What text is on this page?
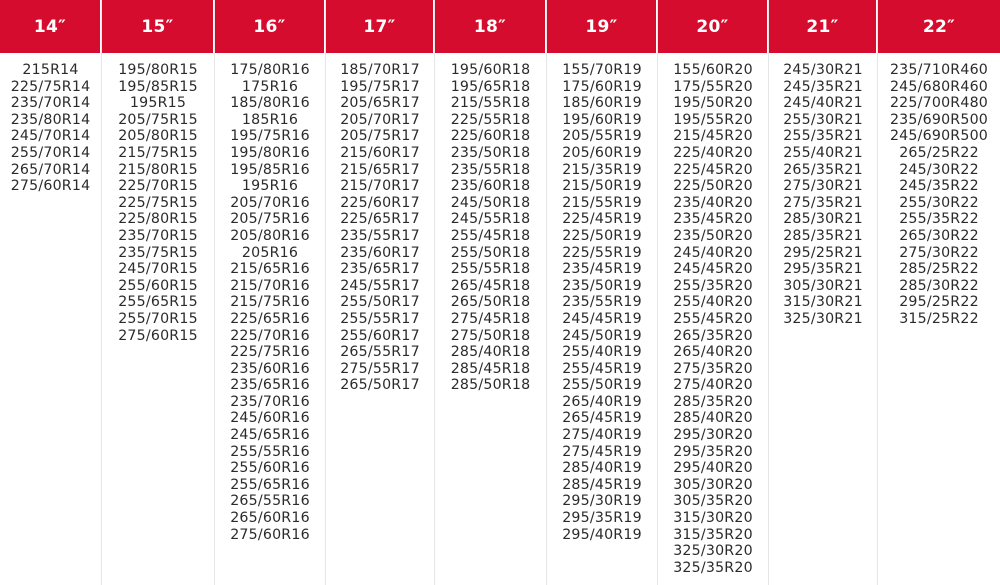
14″
215R14
225/75R14
235/70R14
235/80R14
245/70R14
255/70R14
265/70R14
275/60R14
15″
195/80R15
195/85R15
195R15
205/75R15
205/80R15
215/75R15
215/80R15
225/70R15
225/75R15
225/80R15
235/70R15
235/75R15
245/70R15
255/60R15
255/65R15
255/70R15
275/60R15
16″
175/80R16
175R16
185/80R16
185R16
195/75R16
195/80R16
195/85R16
195R16
205/70R16
205/75R16
205/80R16
205R16
215/65R16
215/70R16
215/75R16
225/65R16
225/70R16
225/75R16
235/60R16
235/65R16
235/70R16
245/60R16
245/65R16
255/55R16
255/60R16
255/65R16
265/55R16
265/60R16
275/60R16
17″
185/70R17
195/75R17
205/65R17
205/70R17
205/75R17
215/60R17
215/65R17
215/70R17
225/60R17
225/65R17
235/55R17
235/60R17
235/65R17
245/55R17
255/50R17
255/55R17
255/60R17
265/55R17
275/55R17
265/50R17
18″
195/60R18
195/65R18
215/55R18
225/55R18
225/60R18
235/50R18
235/55R18
235/60R18
245/50R18
245/55R18
255/45R18
255/50R18
255/55R18
265/45R18
265/50R18
275/45R18
275/50R18
285/40R18
285/45R18
285/50R18
19″
155/70R19
175/60R19
185/60R19
195/60R19
205/55R19
205/60R19
215/35R19
215/50R19
215/55R19
225/45R19
225/50R19
225/55R19
235/45R19
235/50R19
235/55R19
245/45R19
245/50R19
255/40R19
255/45R19
255/50R19
265/40R19
265/45R19
275/40R19
275/45R19
285/40R19
285/45R19
295/30R19
295/35R19
295/40R19
20″
155/60R20
175/55R20
195/50R20
195/55R20
215/45R20
225/40R20
225/45R20
225/50R20
235/40R20
235/45R20
235/50R20
245/40R20
245/45R20
255/35R20
255/40R20
255/45R20
265/35R20
265/40R20
275/35R20
275/40R20
285/35R20
285/40R20
295/30R20
295/35R20
295/40R20
305/30R20
305/35R20
315/30R20
315/35R20
325/30R20
325/35R20
21″
245/30R21
245/35R21
245/40R21
255/30R21
255/35R21
255/40R21
265/35R21
275/30R21
275/35R21
285/30R21
285/35R21
295/25R21
295/35R21
305/30R21
315/30R21
325/30R21
22″
235/710R460
245/680R460
225/700R480
235/690R500
245/690R500
265/25R22
245/30R22
245/35R22
255/30R22
255/35R22
265/30R22
275/30R22
285/25R22
285/30R22
295/25R22
315/25R22
